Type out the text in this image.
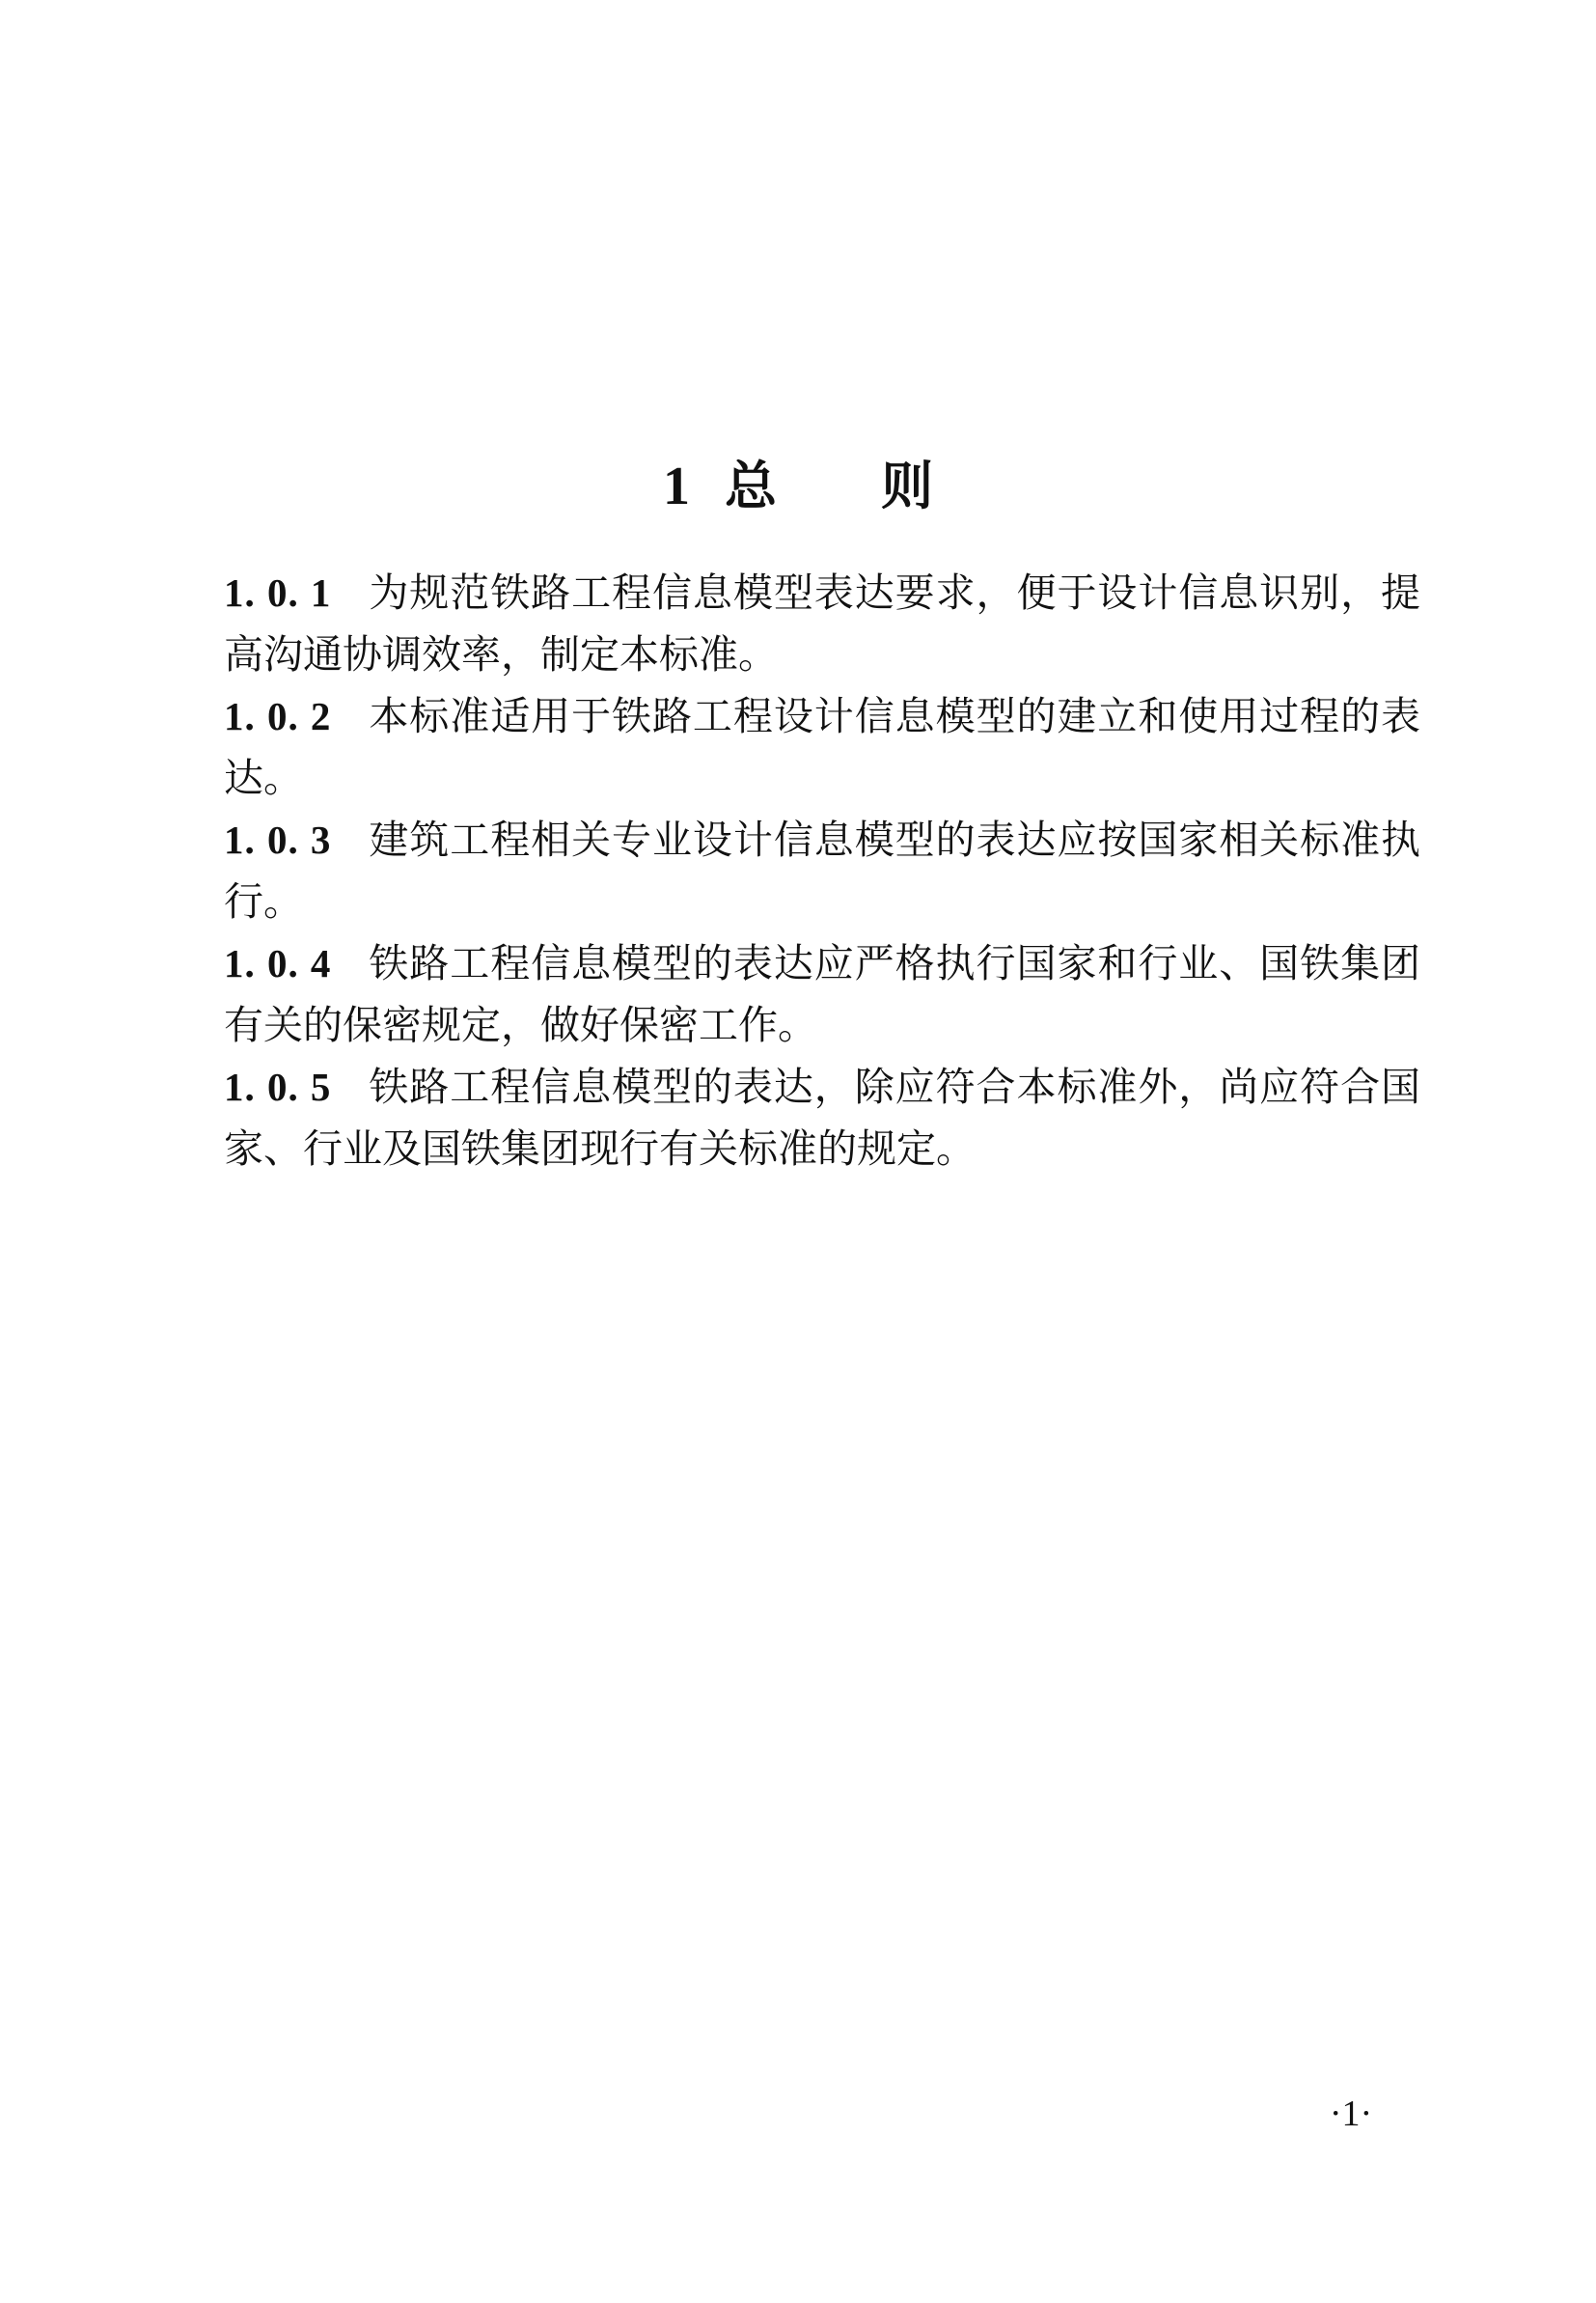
1 总 则

1. 0. 1 为规范铁路工程信息模型表达要求，便于设计信息识别，提高沟通协调效率，制定本标准。

1. 0. 2 本标准适用于铁路工程设计信息模型的建立和使用过程的表达。

1. 0. 3 建筑工程相关专业设计信息模型的表达应按国家相关标准执行。

1. 0. 4 铁路工程信息模型的表达应严格执行国家和行业、国铁集团有关的保密规定，做好保密工作。

1. 0. 5 铁路工程信息模型的表达，除应符合本标准外，尚应符合国家、行业及国铁集团现行有关标准的规定。

·1·
